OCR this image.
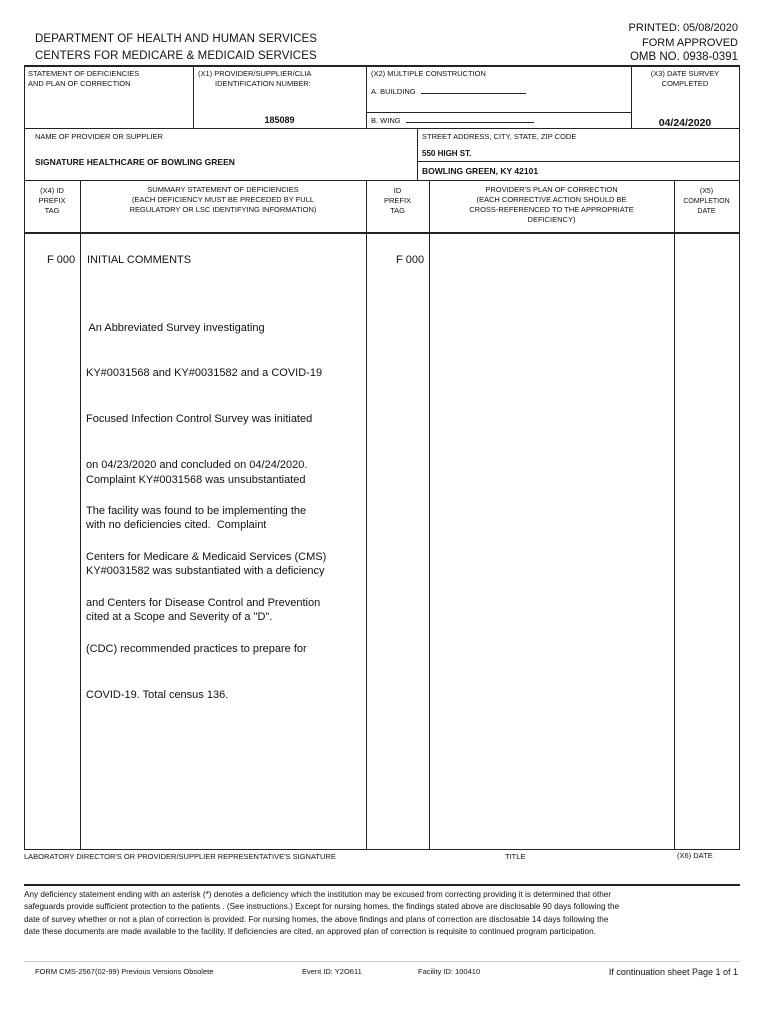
DEPARTMENT OF HEALTH AND HUMAN SERVICES
CENTERS FOR MEDICARE & MEDICAID SERVICES
PRINTED: 05/08/2020
FORM APPROVED
OMB NO. 0938-0391
STATEMENT OF DEFICIENCIES
AND PLAN OF CORRECTION
(X1) PROVIDER/SUPPLIER/CLIA
IDENTIFICATION NUMBER:
185089
(X2) MULTIPLE CONSTRUCTION
A. BUILDING
B. WING
(X3) DATE SURVEY
COMPLETED
04/24/2020
NAME OF PROVIDER OR SUPPLIER
SIGNATURE HEALTHCARE OF BOWLING GREEN
STREET ADDRESS, CITY, STATE, ZIP CODE
550 HIGH ST.
BOWLING GREEN, KY 42101
(X4) ID
PREFIX
TAG
SUMMARY STATEMENT OF DEFICIENCIES
(EACH DEFICIENCY MUST BE PRECEDED BY FULL
REGULATORY OR LSC IDENTIFYING INFORMATION)
ID
PREFIX
TAG
PROVIDER'S PLAN OF CORRECTION
(EACH CORRECTIVE ACTION SHOULD BE
CROSS-REFERENCED TO THE APPROPRIATE
DEFICIENCY)
(X5)
COMPLETION
DATE
F 000 INITIAL COMMENTS	F 000

An Abbreviated Survey investigating

KY#0031568 and KY#0031582 and a COVID-19

Focused Infection Control Survey was initiated

on 04/23/2020 and concluded on 04/24/2020.

The facility was found to be implementing the

Centers for Medicare & Medicaid Services (CMS)

and Centers for Disease Control and Prevention

(CDC) recommended practices to prepare for

COVID-19. Total census 136.

Complaint KY#0031568 was unsubstantiated

with no deficiencies cited.  Complaint

KY#0031582 was substantiated with a deficiency

cited at a Scope and Severity of a "D".

LABORATORY DIRECTOR'S OR PROVIDER/SUPPLIER REPRESENTATIVE'S SIGNATURE	TITLE	(X6) DATE
Any deficiency statement ending with an asterisk (*) denotes a deficiency which the institution may be excused from correcting providing it is determined that other
safeguards provide sufficient protection to the patients . (See instructions.) Except for nursing homes, the findings stated above are disclosable 90 days following the
date of survey whether or not a plan of correction is provided. For nursing homes, the above findings and plans of correction are disclosable 14 days following the
date these documents are made available to the facility. If deficiencies are cited, an approved plan of correction is requisite to continued program participation.
FORM CMS-2567(02-99) Previous Versions Obsolete	Event ID: Y2O611	Facility ID: 100410	If continuation sheet Page 1 of 1
